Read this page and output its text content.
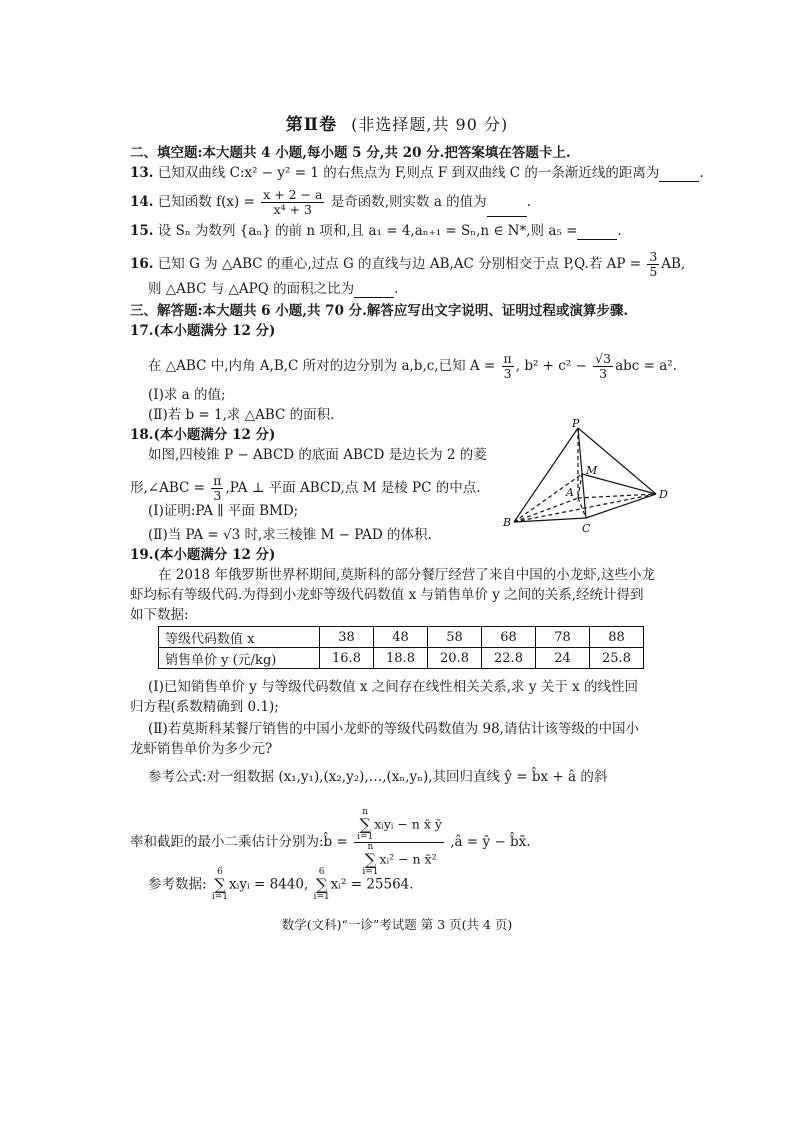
第Ⅱ卷 (非选择题,共 90 分)
二、填空题:本大题共 4 小题,每小题 5 分,共 20 分.把答案填在答题卡上.
13. 已知双曲线 C:x² − y² = 1 的右焦点为 F,则点 F 到双曲线 C 的一条渐近线的距离为	.
14. 已知函数 $f(x) = \frac{x + 2 - a}{\text{x⁴ + 3}}$ 是奇函数,则实数 a 的值为	.
15. 设 Sₙ 为数列 {aₙ} 的前 n 项和,且 a₁ = 4,aₙ₊₁ = Sₙ,n ∈ N*,则 a₅ =	.
16. 已知 G 为 △ABC 的重心,过点 G 的直线与边 AB,AC 分别相交于点 P,Q.若 AP = $\frac{3}{5}$ AB,
则 △ABC 与 △APQ 的面积之比为	.
三、解答题:本大题共 6 小题,共 70 分.解答应写出文字说明、证明过程或演算步骤.
17.(本小题满分 12 分)
在 △ABC 中,内角 A,B,C 所对的边分别为 a,b,c,已知 $A = \frac{\pi}{3}$ , $b^2 + c^2 - \frac{√3}{3}$ abc = a².
(Ⅰ)求 a 的值;
(Ⅱ)若 b = 1,求 △ABC 的面积.
18.(本小题满分 12 分)
如图,四棱锥 P − ABCD 的底面 ABCD 是边长为 2 的菱
形,∠ABC = $\frac{\pi}{3} ,PA$ ⊥ 平面 ABCD,点 M 是棱 PC 的中点.
(Ⅰ)证明:PA ∥ 平面 BMD;
(Ⅱ)当 PA = √3 时,求三棱锥 M − PAD 的体积.
P
M
A
B	C
D
19.(本小题满分 12 分)
在 2018 年俄罗斯世界杯期间,莫斯科的部分餐厅经营了来自中国的小龙虾,这些小龙
虾均标有等级代码.为得到小龙虾等级代码数值 x 与销售单价 y 之间的关系,经统计得到
如下数据:
等级代码数值 x	38	48	58	68	78	88
销售单价 y (元/kg)	16.8	18.8	20.8	22.8	24	25.8
(Ⅰ)已知销售单价 y 与等级代码数值 x 之间存在线性相关关系,求 y 关于 x 的线性回
归方程(系数精确到 0.1);
(Ⅱ)若莫斯科某餐厅销售的中国小龙虾的等级代码数值为 98,请估计该等级的中国小
龙虾销售单价为多少元?
参考公式:对一组数据 (x₁,y₁),(x₂,y₂),…,(xₙ,yₙ),其回归直线 ŷ = b̂x + â 的斜
率和截距的最小二乘估计分别为:b̂ = n
∑
i=1xᵢyᵢ − n x̄ ȳ
n
∑
i=1xᵢ² − n x̄² ,â = ȳ − b̂x̄.
参考数据: 6
∑
i=1xᵢyᵢ = 8440, 6
∑
i=1xᵢ² = 25564.
数学(文科)“一诊”考试题 第 3 页(共 4 页)
